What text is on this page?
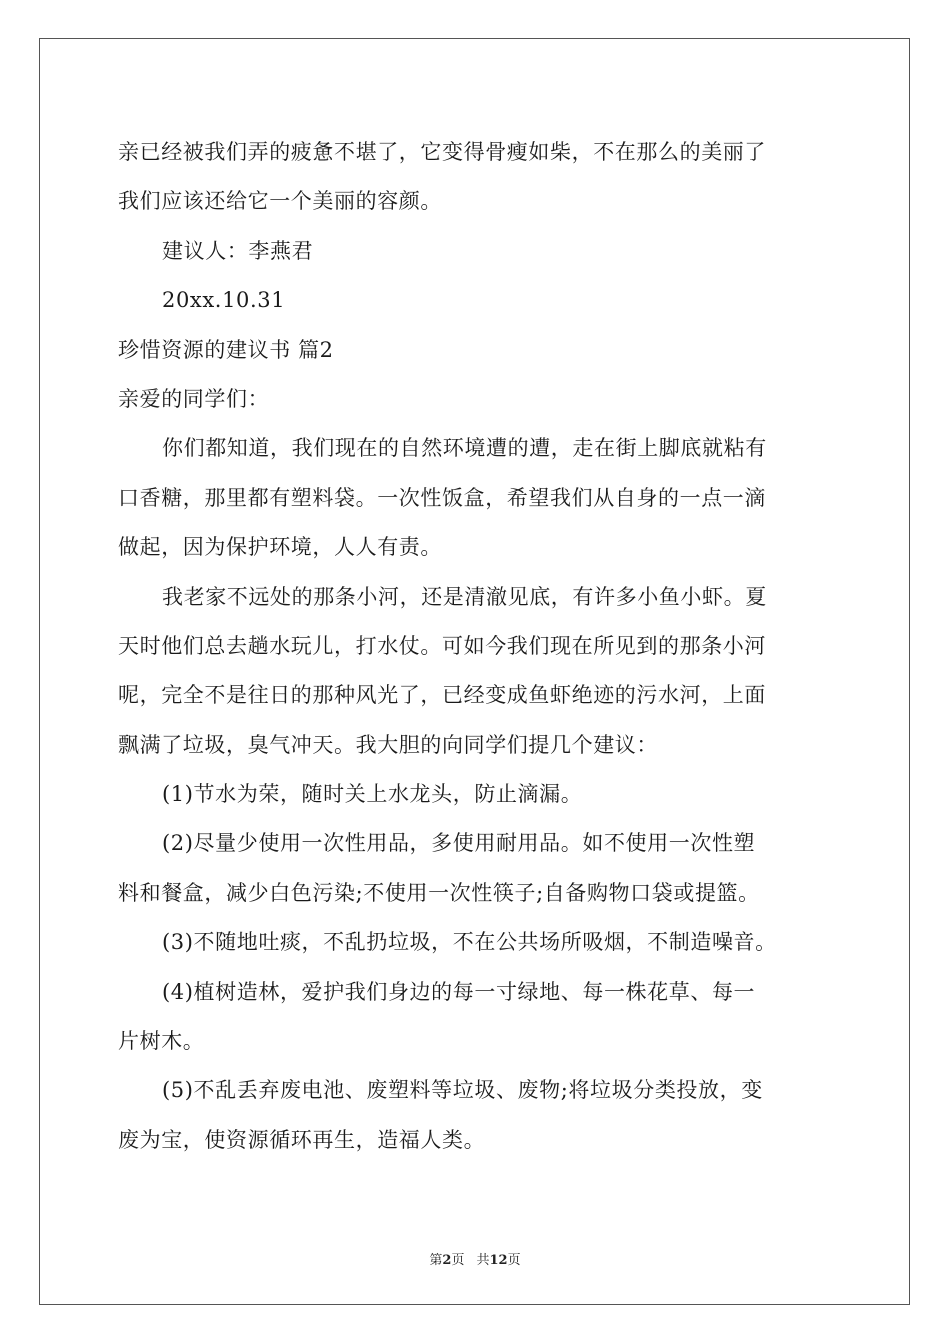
亲已经被我们弄的疲惫不堪了，它变得骨瘦如柴，不在那么的美丽了
我们应该还给它一个美丽的容颜。
建议人：李燕君
20xx.10.31
珍惜资源的建议书 篇2
亲爱的同学们：
你们都知道，我们现在的自然环境遭的遭，走在街上脚底就粘有
口香糖，那里都有塑料袋。一次性饭盒，希望我们从自身的一点一滴
做起，因为保护环境，人人有责。
我老家不远处的那条小河，还是清澈见底，有许多小鱼小虾。夏
天时他们总去趟水玩儿，打水仗。可如今我们现在所见到的那条小河
呢，完全不是往日的那种风光了，已经变成鱼虾绝迹的污水河，上面
飘满了垃圾，臭气冲天。我大胆的向同学们提几个建议：
(1)节水为荣，随时关上水龙头，防止滴漏。
(2)尽量少使用一次性用品，多使用耐用品。如不使用一次性塑
料和餐盒，减少白色污染;不使用一次性筷子;自备购物口袋或提篮。
(3)不随地吐痰，不乱扔垃圾，不在公共场所吸烟，不制造噪音。
(4)植树造林，爱护我们身边的每一寸绿地、每一株花草、每一
片树木。
(5)不乱丢弃废电池、废塑料等垃圾、废物;将垃圾分类投放，变
废为宝，使资源循环再生，造福人类。
第2页 共12页
